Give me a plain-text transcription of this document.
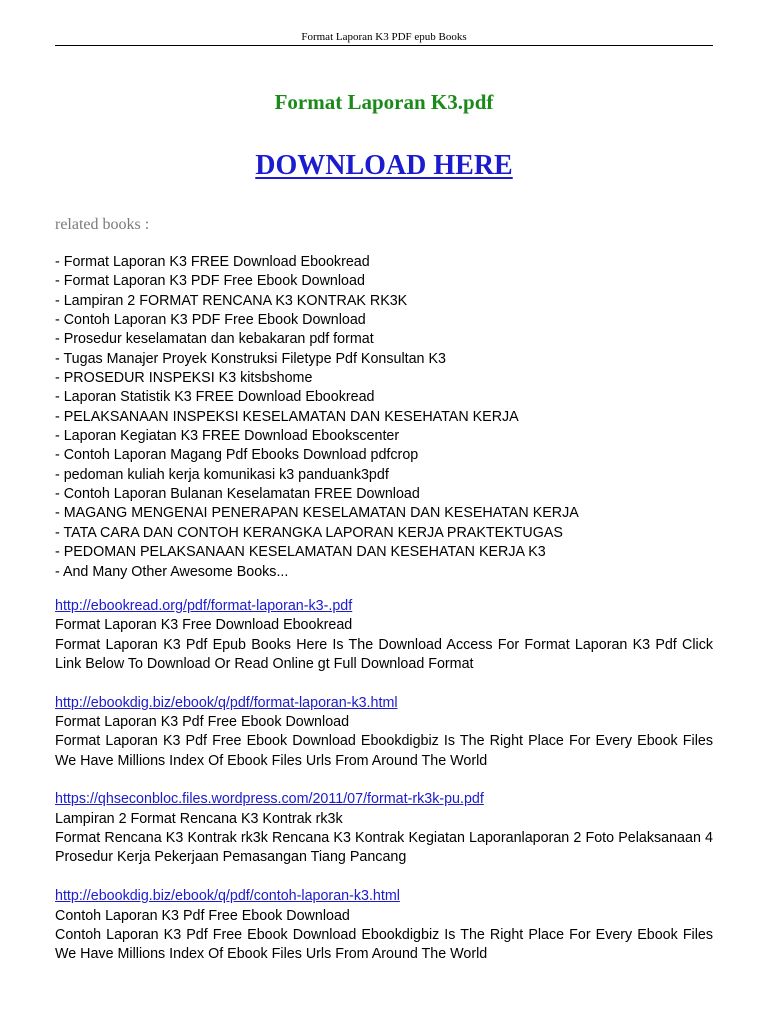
Format Laporan K3 PDF epub Books
Format Laporan K3.pdf
DOWNLOAD HERE
related books :
- Format Laporan K3 FREE Download Ebookread
- Format Laporan K3 PDF Free Ebook Download
- Lampiran 2 FORMAT RENCANA K3 KONTRAK RK3K
- Contoh Laporan K3 PDF Free Ebook Download
- Prosedur keselamatan dan kebakaran pdf format
- Tugas Manajer Proyek Konstruksi Filetype Pdf Konsultan K3
- PROSEDUR INSPEKSI K3 kitsbshome
- Laporan Statistik K3 FREE Download Ebookread
- PELAKSANAAN INSPEKSI KESELAMATAN DAN KESEHATAN KERJA
- Laporan Kegiatan K3 FREE Download Ebookscenter
- Contoh Laporan Magang Pdf Ebooks Download pdfcrop
- pedoman kuliah kerja komunikasi k3 panduank3pdf
- Contoh Laporan Bulanan Keselamatan FREE Download
- MAGANG MENGENAI PENERAPAN KESELAMATAN DAN KESEHATAN KERJA
- TATA CARA DAN CONTOH KERANGKA LAPORAN KERJA PRAKTEKTUGAS
- PEDOMAN PELAKSANAAN KESELAMATAN DAN KESEHATAN KERJA K3
- And Many Other Awesome Books...
http://ebookread.org/pdf/format-laporan-k3-.pdf
Format Laporan K3 Free Download Ebookread
Format Laporan K3 Pdf Epub Books Here Is The Download Access For Format Laporan K3 Pdf Click Link Below To Download Or Read Online gt Full Download Format
http://ebookdig.biz/ebook/q/pdf/format-laporan-k3.html
Format Laporan K3 Pdf Free Ebook Download
Format Laporan K3 Pdf Free Ebook Download Ebookdigbiz Is The Right Place For Every Ebook Files We Have Millions Index Of Ebook Files Urls From Around The World
https://qhseconbloc.files.wordpress.com/2011/07/format-rk3k-pu.pdf
Lampiran 2 Format Rencana K3 Kontrak rk3k
Format Rencana K3 Kontrak rk3k Rencana K3 Kontrak Kegiatan Laporanlaporan 2 Foto Pelaksanaan 4 Prosedur Kerja Pekerjaan Pemasangan Tiang Pancang
http://ebookdig.biz/ebook/q/pdf/contoh-laporan-k3.html
Contoh Laporan K3 Pdf Free Ebook Download
Contoh Laporan K3 Pdf Free Ebook Download Ebookdigbiz Is The Right Place For Every Ebook Files We Have Millions Index Of Ebook Files Urls From Around The World
